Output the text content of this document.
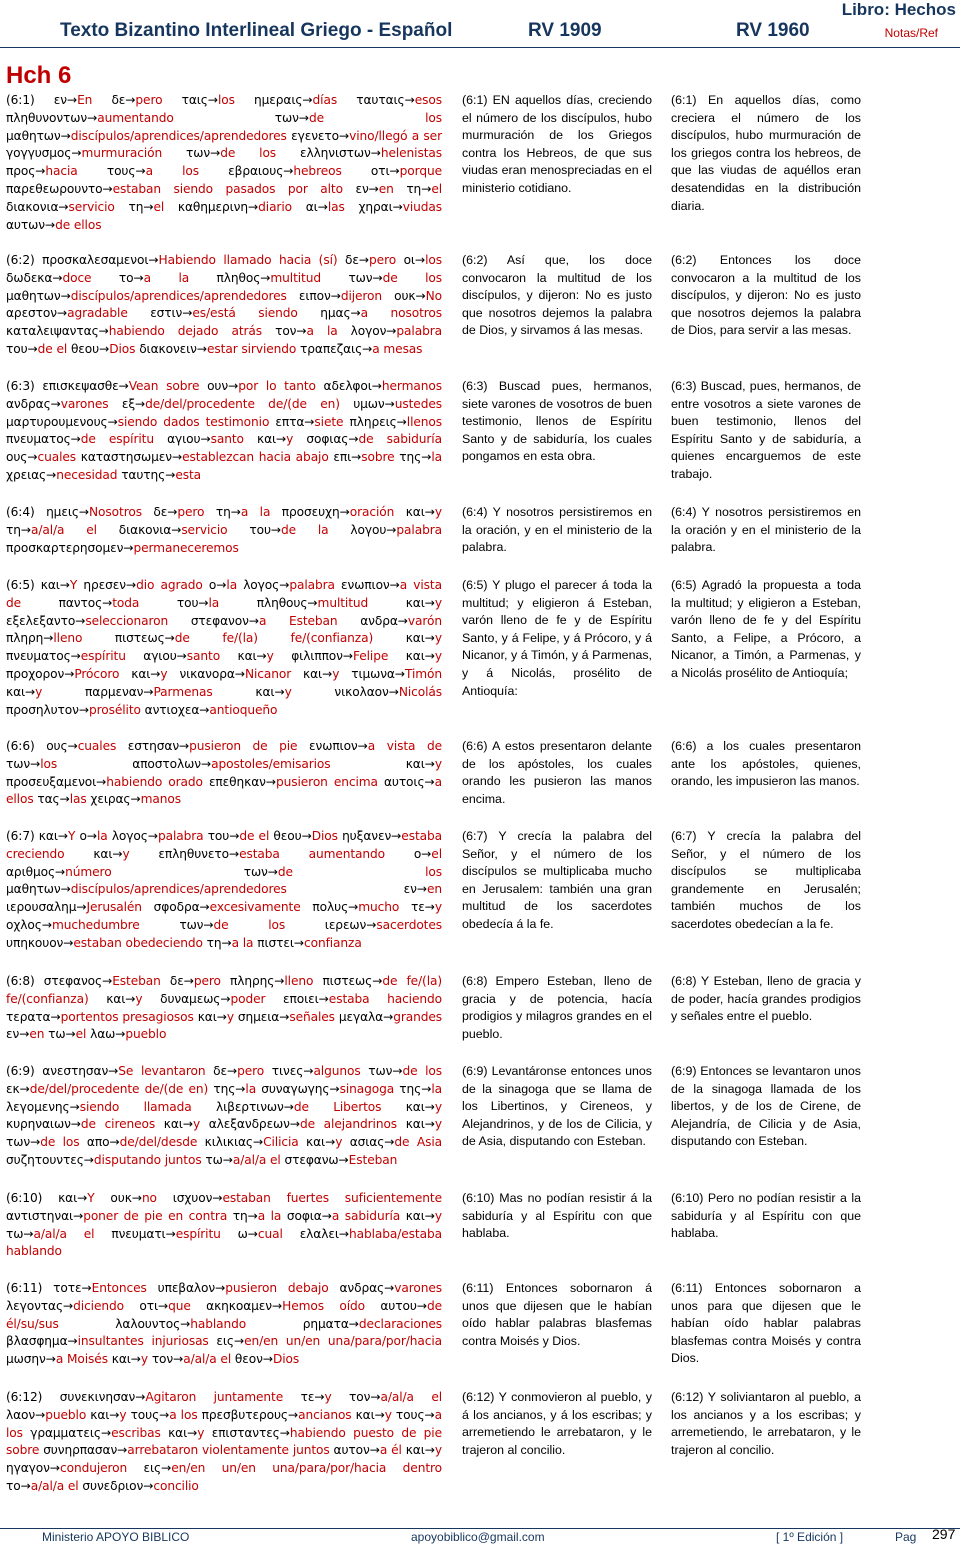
Texto Bizantino Interlineal Griego - Español	RV 1909	RV 1960
Libro: Hechos
Notas/Ref
Hch 6
(6:1) εν→En δε→pero ταις→los ημεραις→días ταυταις→esos πληθυνοντων→aumentando	των→de	los μαθητων→discípulos/aprendices/aprendedores εγενετο→vino/llegó a ser γογγυσμος→murmuración των→de los ελληνιστων→helenistas προς→hacia τους→a los εβραιους→hebreos οτι→porque παρεθεωρουντο→estaban siendo pasados por alto εν→en τη→el διακονια→servicio τη→el καθημερινη→diario αι→las χηραι→viudas αυτων→de ellos
(6:1) EN aquellos días, creciendo el número de los discípulos, hubo murmuración de los Griegos contra los Hebreos, de que sus viudas eran menospreciadas en el ministerio cotidiano.
(6:1) En aquellos días, como creciera el número de los discípulos, hubo murmuración de los griegos contra los hebreos, de que las viudas de aquéllos eran desatendidas en la distribución diaria.
(6:2) προσκαλεσαμενοι→Habiendo llamado hacia (sí) δε→pero οι→los δωδεκα→doce το→a la πληθος→multitud των→de los μαθητων→discípulos/aprendices/aprendedores ειπον→dijeron ουκ→No αρεστον→agradable εστιν→es/está siendo ημας→a nosotros καταλειψαντας→habiendo dejado atrás τον→a la λογον→palabra του→de el θεου→Dios διακονειν→estar sirviendo τραπεζαις→a mesas
(6:2) Así que, los doce convocaron la multitud de los discípulos, y dijeron: No es justo que nosotros dejemos la palabra de Dios, y sirvamos á las mesas.
(6:2) Entonces los doce convocaron a la multitud de los discípulos, y dijeron: No es justo que nosotros dejemos la palabra de Dios, para servir a las mesas.
(6:3) επισκεψασθε→Vean sobre ουν→por lo tanto αδελφοι→hermanos ανδρας→varones εξ→de/del/procedente de/(de en) υμων→ustedes μαρτυρουμενους→siendo dados testimonio επτα→siete πληρεις→llenos πνευματος→de espíritu αγιου→santo και→y σοφιας→de sabiduría ους→cuales καταστησωμεν→establezcan hacia abajo επι→sobre της→la χρειας→necesidad ταυτης→esta
(6:3) Buscad pues, hermanos, siete varones de vosotros de buen testimonio, llenos de Espíritu Santo y de sabiduría, los cuales pongamos en esta obra.
(6:3) Buscad, pues, hermanos, de entre vosotros a siete varones de buen testimonio, llenos del Espíritu Santo y de sabiduría, a quienes encarguemos de este trabajo.
(6:4) ημεις→Nosotros δε→pero τη→a la προσευχη→oración και→y τη→a/al/a el διακονια→servicio του→de la λογου→palabra προσκαρτερησομεν→permaneceremos
(6:4) Y nosotros persistiremos en la oración, y en el ministerio de la palabra.
(6:4) Y nosotros persistiremos en la oración y en el ministerio de la palabra.
(6:5) και→Y ηρεσεν→dio agrado ο→la λογος→palabra ενωπιον→a vista de	παντος→toda	του→la	πληθους→multitud	και→y εξελεξαντο→seleccionaron στεφανον→a Esteban ανδρα→varón πληρη→lleno	πιστεως→de fe/(la) fe/(confianza)	και→y πνευματος→espíritu αγιου→santo και→y φιλιππον→Felipe και→y προχορον→Prócoro και→y νικανορα→Nicanor και→y τιμωνα→Timón και→y	παρμεναν→Parmenas	και→y	νικολαον→Nicolás προσηλυτον→prosélito αντιοχεα→antioqueño
(6:5) Y plugo el parecer á toda la multitud; y eligieron á Esteban, varón lleno de fe y de Espíritu Santo, y á Felipe, y á Prócoro, y á Nicanor, y á Timón, y á Parmenas, y á Nicolás, prosélito de Antioquía:
(6:5) Agradó la propuesta a toda la multitud; y eligieron a Esteban, varón lleno de fe y del Espíritu Santo, a Felipe, a Prócoro, a Nicanor, a Timón, a Parmenas, y a Nicolás prosélito de Antioquía;
(6:6) ους→cuales εστησαν→pusieron de pie ενωπιον→a vista de των→los	αποστολων→apostoles/emisarios	και→y προσευξαμενοι→habiendo orado επεθηκαν→pusieron encima αυτοις→a ellos τας→las χειρας→manos
(6:6) A estos presentaron delante de los apóstoles, los cuales orando les pusieron las manos encima.
(6:6) a los cuales presentaron ante los apóstoles, quienes, orando, les impusieron las manos.
(6:7) και→Y ο→la λογος→palabra του→de el θεου→Dios ηυξανεν→estaba creciendo και→y επληθυνετο→estaba aumentando ο→el αριθμος→número	των→de	los μαθητων→discípulos/aprendices/aprendedores	εν→en ιερουσαλημ→Jerusalén σφοδρα→excesivamente πολυς→mucho τε→y οχλος→muchedumbre	των→de	los	ιερεων→sacerdotes υπηκουον→estaban obedeciendo τη→a la πιστει→confianza
(6:7) Y crecía la palabra del Señor, y el número de los discípulos se multiplicaba mucho en Jerusalem: también una gran multitud de los sacerdotes obedecía á la fe.
(6:7) Y crecía la palabra del Señor, y el número de los discípulos se multiplicaba grandemente en Jerusalén; también muchos de los sacerdotes obedecían a la fe.
(6:8) στεφανος→Esteban δε→pero πληρης→lleno πιστεως→de fe/(la) fe/(confianza) και→y δυναμεως→poder εποιει→estaba haciendo τερατα→portentos presagiosos και→y σημεια→señales μεγαλα→grandes εν→en τω→el λαω→pueblo
(6:8) Empero Esteban, lleno de gracia y de potencia, hacía prodigios y milagros grandes en el pueblo.
(6:8) Y Esteban, lleno de gracia y de poder, hacía grandes prodigios y señales entre el pueblo.
(6:9) ανεστησαν→Se levantaron δε→pero τινες→algunos των→de los εκ→de/del/procedente de/(de en) της→la συναγωγης→sinagoga της→la λεγομενης→siendo llamada λιβερτινων→de Libertos και→y κυρηναιων→de cireneos και→y αλεξανδρεων→de alejandrinos και→y των→de los απο→de/del/desde κιλικιας→Cilicia και→y ασιας→de Asia συζητουντες→disputando juntos τω→a/al/a el στεφανω→Esteban
(6:9) Levantáronse entonces unos de la sinagoga que se llama de los Libertinos, y Cireneos, y Alejandrinos, y de los de Cilicia, y de Asia, disputando con Esteban.
(6:9) Entonces se levantaron unos de la sinagoga llamada de los libertos, y de los de Cirene, de Alejandría, de Cilicia y de Asia, disputando con Esteban.
(6:10) και→Y ουκ→no ισχυον→estaban fuertes suficientemente αντιστηναι→poner de pie en contra τη→a la σοφια→a sabiduría και→y τω→a/al/a el πνευματι→espíritu ω→cual ελαλει→hablaba/estaba hablando
(6:10) Mas no podían resistir á la sabiduría y al Espíritu con que hablaba.
(6:10) Pero no podían resistir a la sabiduría y al Espíritu con que hablaba.
(6:11) τοτε→Entonces υπεβαλον→pusieron debajo ανδρας→varones λεγοντας→diciendo οτι→que ακηκοαμεν→Hemos oído αυτου→de él/su/sus	λαλουντος→hablando	ρηματα→declaraciones βλασφημα→insultantes injuriosas εις→en/en un/en una/para/por/hacia μωσην→a Moisés και→y τον→a/al/a el θεον→Dios
(6:11) Entonces sobornaron á unos que dijesen que le habían oído hablar palabras blasfemas contra Moisés y Dios.
(6:11) Entonces sobornaron a unos para que dijesen que le habían oído hablar palabras blasfemas contra Moisés y contra Dios.
(6:12) συνεκινησαν→Agitaron juntamente τε→y τον→a/al/a el λαον→pueblo και→y τους→a los πρεσβυτερους→ancianos και→y τους→a los γραμματεις→escribas και→y επισταντες→habiendo puesto de pie sobre συνηρπασαν→arrebataron violentamente juntos αυτον→a él και→y ηγαγον→condujeron εις→en/en un/en una/para/por/hacia dentro το→a/al/a el συνεδριον→concilio
(6:12) Y conmovieron al pueblo, y á los ancianos, y á los escribas; y arremetiendo le arrebataron, y le trajeron al concilio.
(6:12) Y soliviantaron al pueblo, a los ancianos y a los escribas; y arremetiendo, le arrebataron, y le trajeron al concilio.
Ministerio APOYO BIBLICO	apoyobiblico@gmail.com	[ 1º Edición ]	Pag 297
